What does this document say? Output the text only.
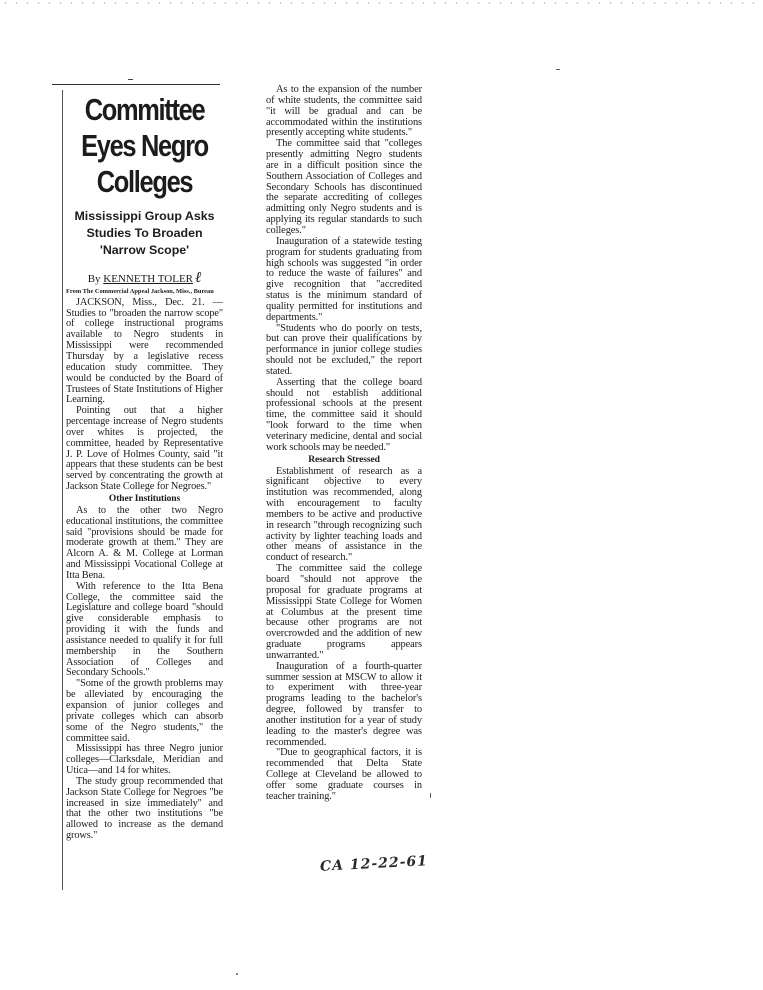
Committee Eyes Negro Colleges
Mississippi Group Asks Studies To Broaden 'Narrow Scope'
By KENNETH TOLER ℓ
From The Commercial Appeal Jackson, Miss., Bureau

JACKSON, Miss., Dec. 21. — Studies to "broaden the narrow scope" of college instructional programs available to Negro students in Mississippi were recommended Thursday by a legislative recess education study committee. They would be conducted by the Board of Trustees of State Institutions of Higher Learning.

Pointing out that a higher percentage increase of Negro students over whites is projected, the committee, headed by Representative J. P. Love of Holmes County, said "it appears that these students can be best served by concentrating the growth at Jackson State College for Negroes."

Other Institutions

As to the other two Negro educational institutions, the committee said "provisions should be made for moderate growth at them." They are Alcorn A. & M. College at Lorman and Mississippi Vocational College at Itta Bena.

With reference to the Itta Bena College, the committee said the Legislature and college board "should give considerable emphasis to providing it with the funds and assistance needed to qualify it for full membership in the Southern Association of Colleges and Secondary Schools."

"Some of the growth problems may be alleviated by encouraging the expansion of junior colleges and private colleges which can absorb some of the Negro students," the committee said.

Mississippi has three Negro junior colleges—Clarksdale, Meridian and Utica—and 14 for whites.

The study group recommended that Jackson State College for Negroes "be increased in size immediately" and that the other two institutions "be allowed to increase as the demand grows."

As to the expansion of the number of white students, the committee said "it will be gradual and can be accommodated within the institutions presently accepting white students."

The committee said that "colleges presently admitting Negro students are in a difficult position since the Southern Association of Colleges and Secondary Schools has discontinued the separate accrediting of colleges admitting only Negro students and is applying its regular standards to such colleges."

Inauguration of a statewide testing program for students graduating from high schools was suggested "in order to reduce the waste of failures" and give recognition that "accredited status is the minimum standard of quality permitted for institutions and departments."

"Students who do poorly on tests, but can prove their qualifications by performance in junior college studies should not be excluded," the report stated.

Asserting that the college board should not establish additional professional schools at the present time, the committee said it should "look forward to the time when veterinary medicine, dental and social work schools may be needed."

Research Stressed

Establishment of research as a significant objective to every institution was recommended, along with encouragement to faculty members to be active and productive in research "through recognizing such activity by lighter teaching loads and other means of assistance in the conduct of research."

The committee said the college board "should not approve the proposal for graduate programs at Mississippi State College for Women at Columbus at the present time because other programs are not overcrowded and the addition of new graduate programs appears unwarranted."

Inauguration of a fourth-quarter summer session at MSCW to allow it to experiment with three-year programs leading to the bachelor's degree, followed by transfer to another institution for a year of study leading to the master's degree was recommended.

"Due to geographical factors, it is recommended that Delta State College at Cleveland be allowed to offer some graduate courses in teacher training."

CA 12-22-61
